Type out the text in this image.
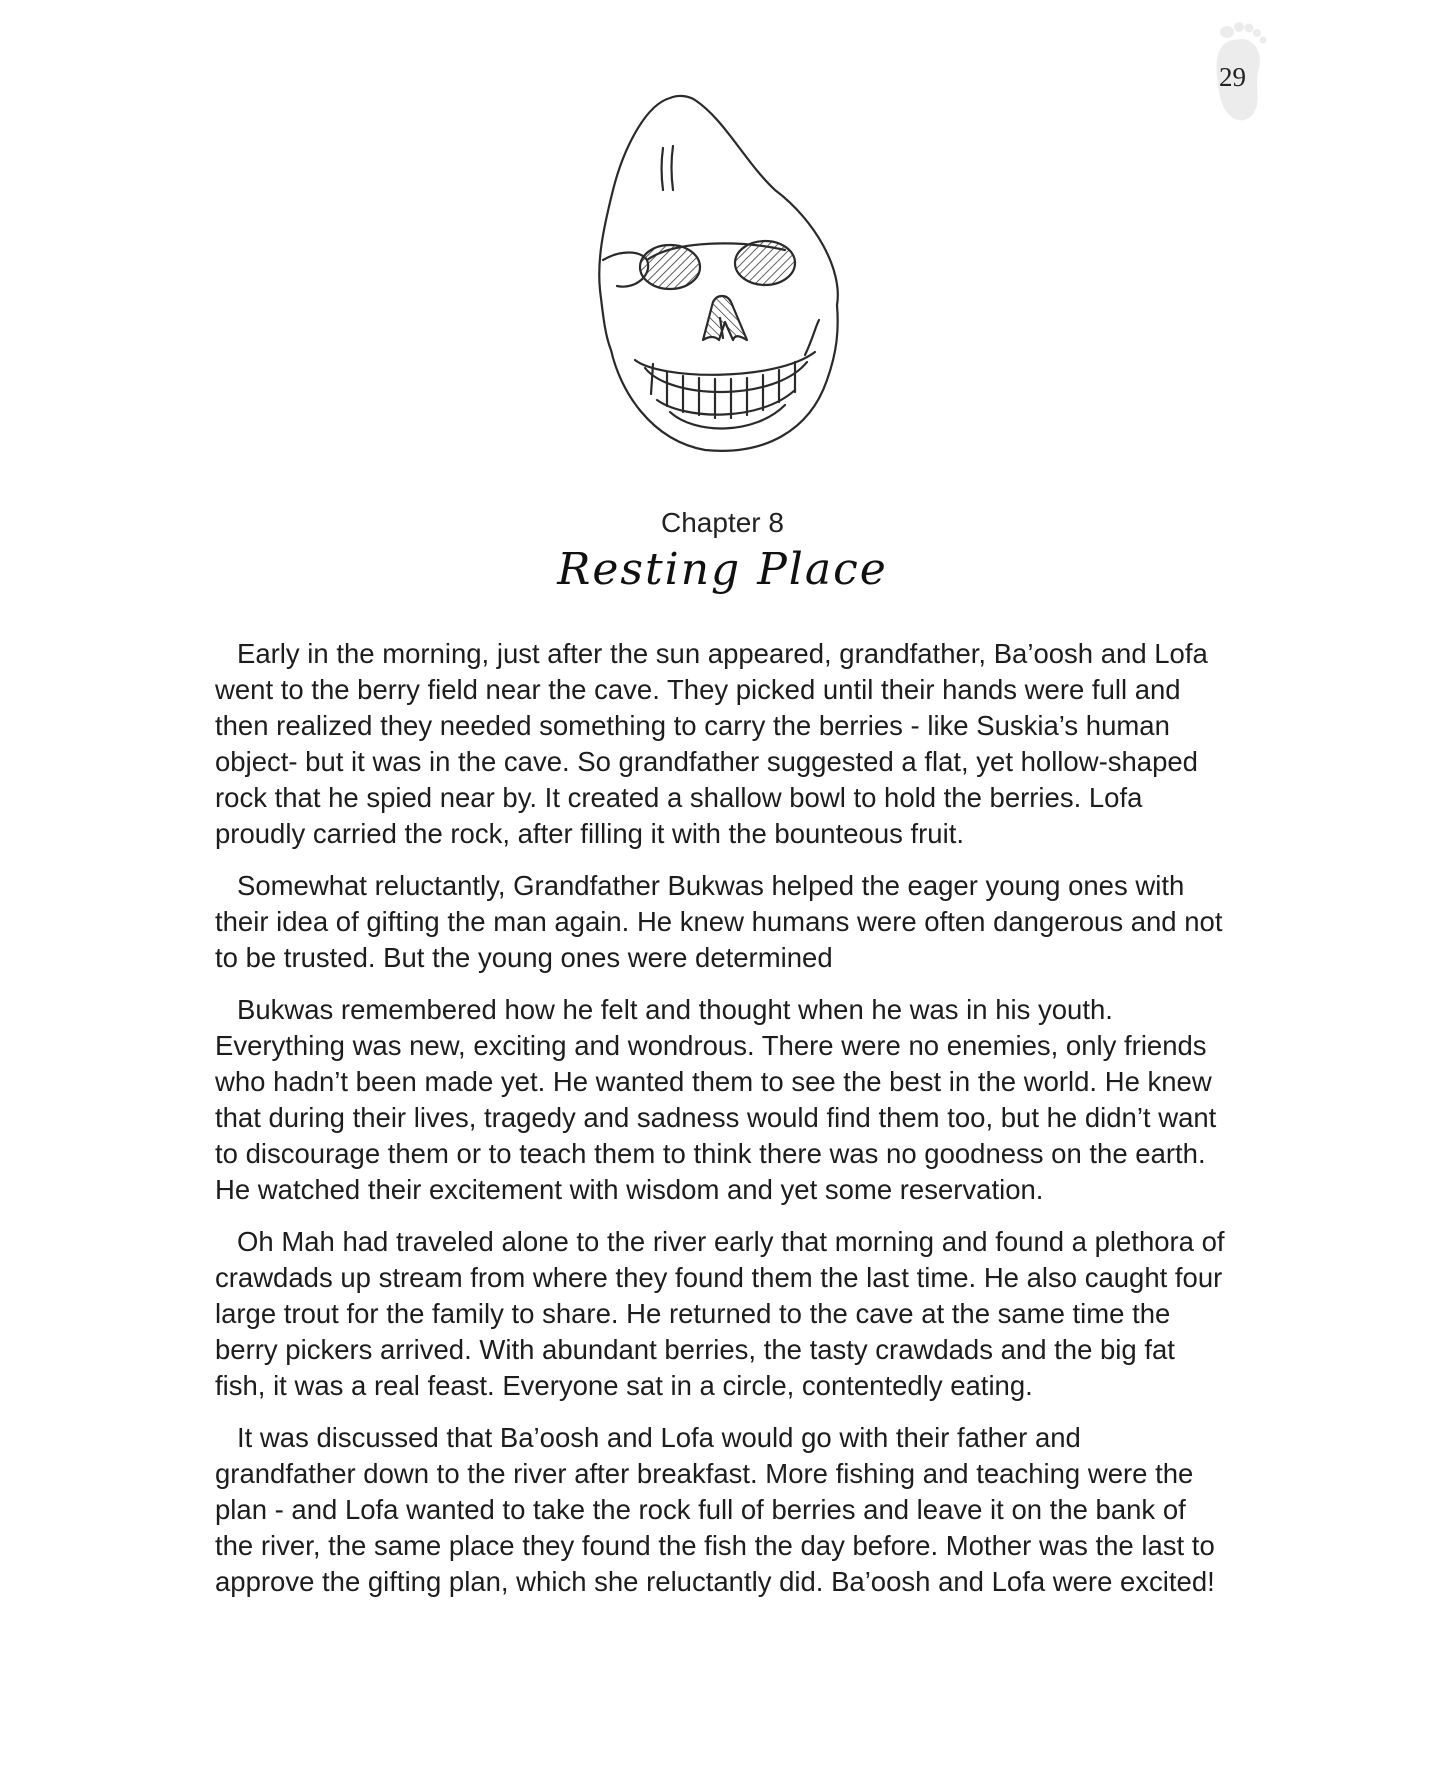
29
Chapter 8
Resting Place

Early in the morning, just after the sun appeared, grandfather, Ba’oosh and Lofa went to the berry field near the cave. They picked until their hands were full and then realized they needed something to carry the berries - like Suskia’s human object- but it was in the cave. So grandfather suggested a flat, yet hollow-shaped rock that he spied near by. It created a shallow bowl to hold the berries. Lofa proudly carried the rock, after filling it with the bounteous fruit.

Somewhat reluctantly, Grandfather Bukwas helped the eager young ones with their idea of gifting the man again. He knew humans were often dangerous and not to be trusted. But the young ones were determined

Bukwas remembered how he felt and thought when he was in his youth. Everything was new, exciting and wondrous. There were no enemies, only friends who hadn’t been made yet. He wanted them to see the best in the world. He knew that during their lives, tragedy and sadness would find them too, but he didn’t want to discourage them or to teach them to think there was no goodness on the earth. He watched their excitement with wisdom and yet some reservation.

Oh Mah had traveled alone to the river early that morning and found a plethora of crawdads up stream from where they found them the last time. He also caught four large trout for the family to share. He returned to the cave at the same time the berry pickers arrived. With abundant berries, the tasty crawdads and the big fat fish, it was a real feast. Everyone sat in a circle, contentedly eating.

It was discussed that Ba’oosh and Lofa would go with their father and grandfather down to the river after breakfast. More fishing and teaching were the plan - and Lofa wanted to take the rock full of berries and leave it on the bank of the river, the same place they found the fish the day before. Mother was the last to approve the gifting plan, which she reluctantly did. Ba’oosh and Lofa were excited!
